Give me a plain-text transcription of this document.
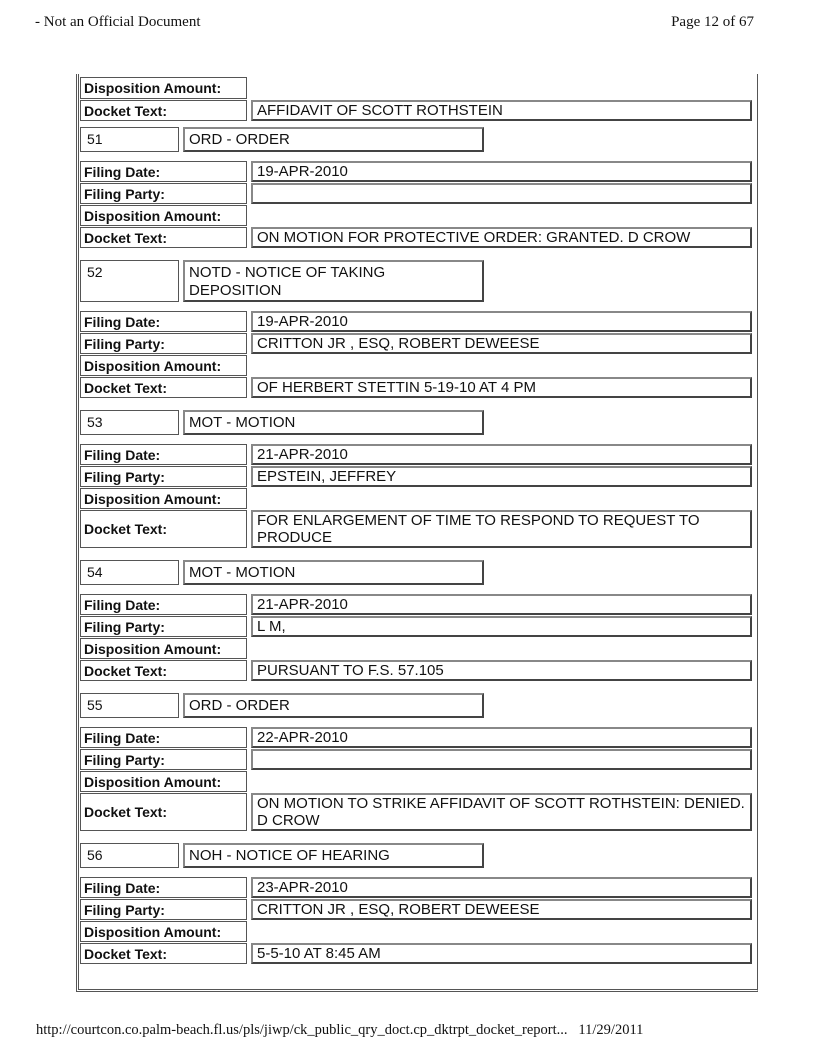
- Not an Official Document	Page 12 of 67
Disposition Amount:
Docket Text:	AFFIDAVIT OF SCOTT ROTHSTEIN
51	ORD - ORDER
Filing Date:	19-APR-2010
Filing Party:
Disposition Amount:
Docket Text:	ON MOTION FOR PROTECTIVE ORDER: GRANTED. D CROW
52	NOTD - NOTICE OF TAKING DEPOSITION
Filing Date:	19-APR-2010
Filing Party:	CRITTON JR , ESQ, ROBERT DEWEESE
Disposition Amount:
Docket Text:	OF HERBERT STETTIN 5-19-10 AT 4 PM
53	MOT - MOTION
Filing Date:	21-APR-2010
Filing Party:	EPSTEIN, JEFFREY
Disposition Amount:
Docket Text:	FOR ENLARGEMENT OF TIME TO RESPOND TO REQUEST TO PRODUCE
54	MOT - MOTION
Filing Date:	21-APR-2010
Filing Party:	L M,
Disposition Amount:
Docket Text:	PURSUANT TO F.S. 57.105
55	ORD - ORDER
Filing Date:	22-APR-2010
Filing Party:
Disposition Amount:
Docket Text:	ON MOTION TO STRIKE AFFIDAVIT OF SCOTT ROTHSTEIN: DENIED. D CROW
56	NOH - NOTICE OF HEARING
Filing Date:	23-APR-2010
Filing Party:	CRITTON JR , ESQ, ROBERT DEWEESE
Disposition Amount:
Docket Text:	5-5-10 AT 8:45 AM
http://courtcon.co.palm-beach.fl.us/pls/jiwp/ck_public_qry_doct.cp_dktrpt_docket_report... 11/29/2011
